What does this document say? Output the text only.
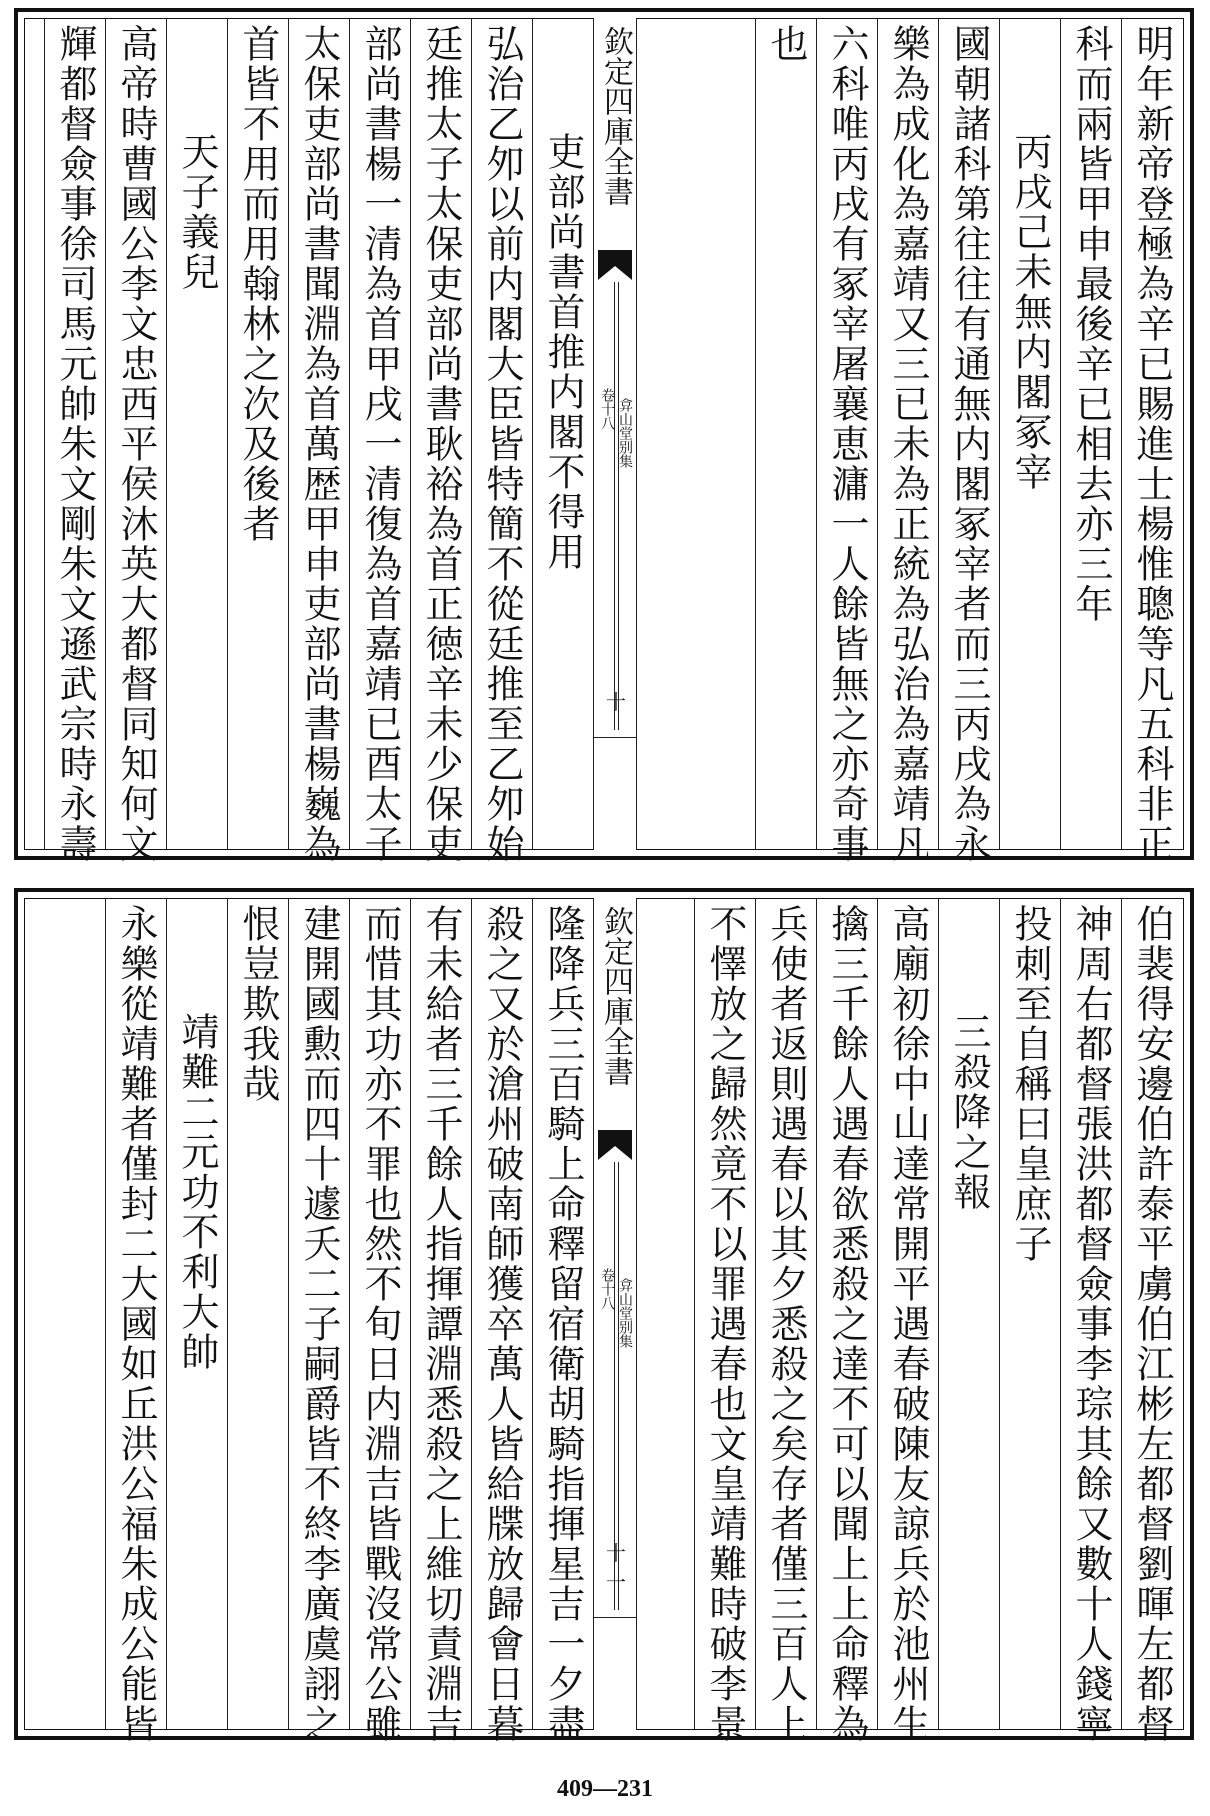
明年新帝登極為辛已賜進士楊惟聰等凡五科非正
科而兩皆甲申最後辛已相去亦三年
丙戌己未無内閣冢宰
國朝諸科第往往有通無内閣冢宰者而三丙戌為永
樂為成化為嘉靖又三已未為正統為弘治為嘉靖凡
六科唯丙戌有冢宰屠襄恵滽一人餘皆無之亦奇事
也
欽定四庫全書
卷十八 弇山堂别集
十
吏部尚書首推内閣不得用
弘治乙夘以前内閣大臣皆特簡不從廷推至乙夘始
廷推太子太保吏部尚書耿裕為首正徳辛未少保吏
部尚書楊一清為首甲戌一清復為首嘉靖已酉太子
太保吏部尚書聞淵為首萬歴甲申吏部尚書楊巍為
首皆不用而用翰林之次及後者
天子義兒
高帝時曹國公李文忠西平侯沐英大都督同知何文
輝都督僉事徐司馬元帥朱文剛朱文遜武宗時永壽
伯裴得安邊伯許泰平虜伯江彬左都督劉暉左都督
神周右都督張洪都督僉事李琮其餘又數十人錢寧
投刺至自稱曰皇庶子
三殺降之報
高廟初徐中山達常開平遇春破陳友諒兵於池州生
擒三千餘人遇春欲悉殺之達不可以聞上上命釋為
兵使者返則遇春以其夕悉殺之矣存者僅三百人上
不懌放之歸然竟不以罪遇春也文皇靖難時破李景
欽定四庫全書
卷十八 弇山堂别集
十一
隆降兵三百騎上命釋留宿衛胡騎指揮星吉一夕盡
殺之又於滄州破南師獲卒萬人皆給牒放歸會日暮
有未給者三千餘人指揮譚淵悉殺之上維切責淵吉
而惜其功亦不罪也然不旬日内淵吉皆戰沒常公雖
建開國勲而四十遽夭二子嗣爵皆不終李廣虞詡之
恨豈欺我哉
靖難二元功不利大帥
永樂從靖難者僅封二大國如丘洪公福朱成公能皆
409—231
